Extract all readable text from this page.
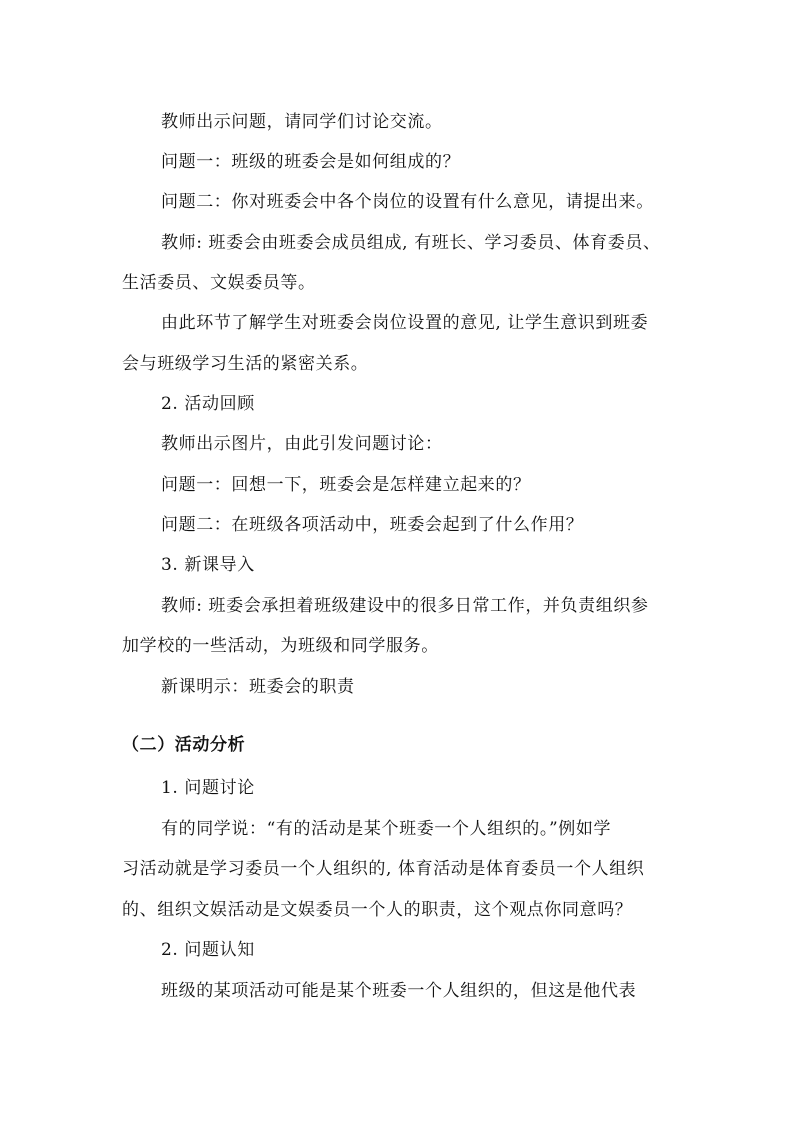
教师出示问题，请同学们讨论交流。
问题一：班级的班委会是如何组成的？
问题二：你对班委会中各个岗位的设置有什么意见，请提出来。
教师: 班委会由班委会成员组成, 有班长、学习委员、体育委员、
生活委员、文娱委员等。
由此环节了解学生对班委会岗位设置的意见, 让学生意识到班委
会与班级学习生活的紧密关系。
2. 活动回顾
教师出示图片，由此引发问题讨论：
问题一：回想一下，班委会是怎样建立起来的？
问题二：在班级各项活动中，班委会起到了什么作用？
3. 新课导入
教师: 班委会承担着班级建设中的很多日常工作，并负责组织参
加学校的一些活动，为班级和同学服务。
新课明示：班委会的职责
（二）活动分析
1. 问题讨论
有的同学说：“有的活动是某个班委一个人组织的。”例如学
习活动就是学习委员一个人组织的, 体育活动是体育委员一个人组织
的、组织文娱活动是文娱委员一个人的职责，这个观点你同意吗？
2. 问题认知
班级的某项活动可能是某个班委一个人组织的，但这是他代表
